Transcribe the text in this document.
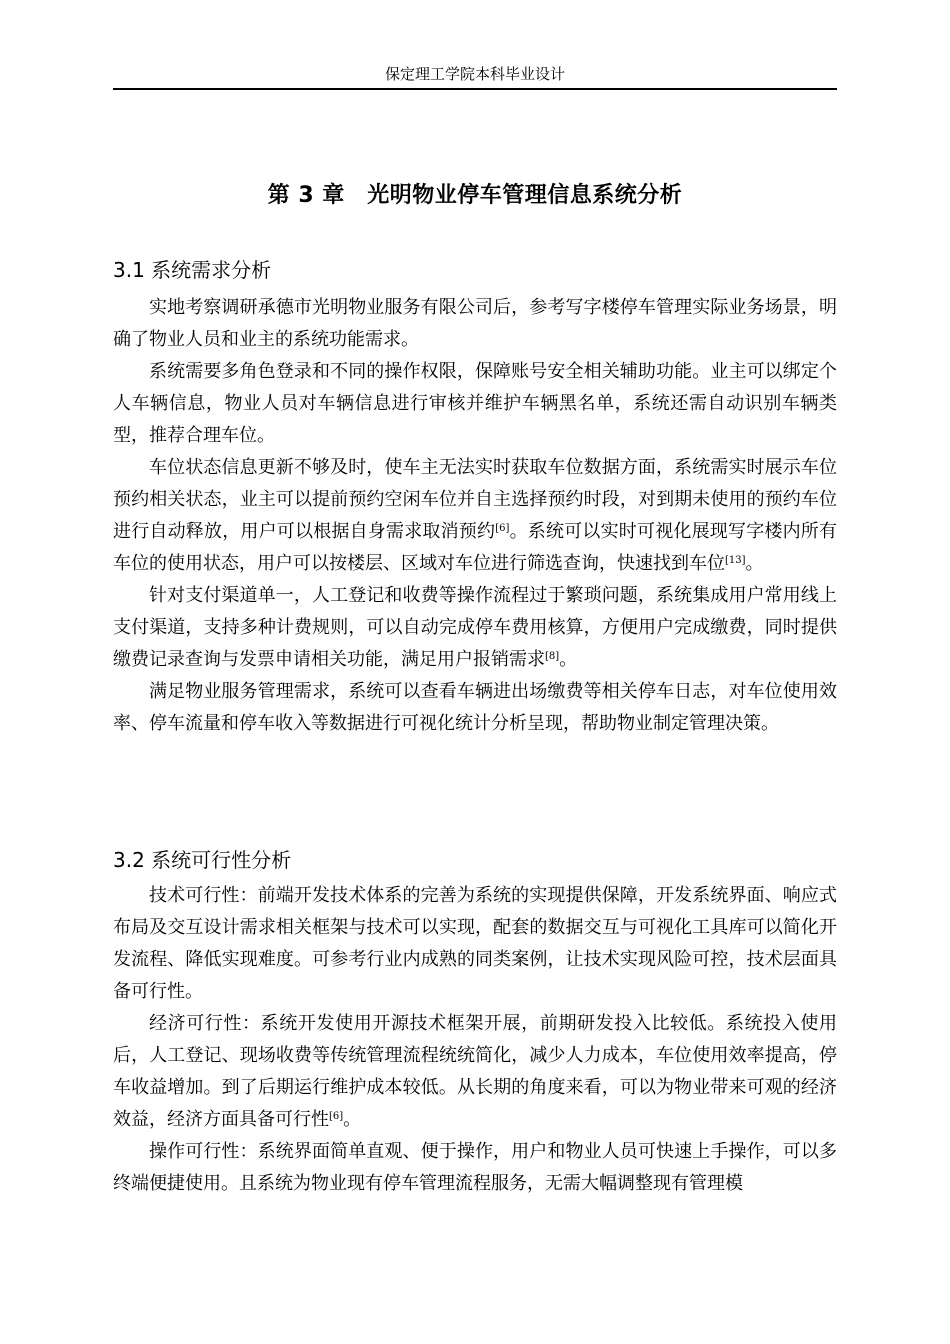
保定理工学院本科毕业设计
第 3 章　光明物业停车管理信息系统分析
3.1 系统需求分析

实地考察调研承德市光明物业服务有限公司后，参考写字楼停车管理实际业务场景，明确了物业人员和业主的系统功能需求。

系统需要多角色登录和不同的操作权限，保障账号安全相关辅助功能。业主可以绑定个人车辆信息，物业人员对车辆信息进行审核并维护车辆黑名单，系统还需自动识别车辆类型，推荐合理车位。

车位状态信息更新不够及时，使车主无法实时获取车位数据方面，系统需实时展示车位预约相关状态，业主可以提前预约空闲车位并自主选择预约时段，对到期未使用的预约车位进行自动释放，用户可以根据自身需求取消预约[6]。系统可以实时可视化展现写字楼内所有车位的使用状态，用户可以按楼层、区域对车位进行筛选查询，快速找到车位[13]。

针对支付渠道单一，人工登记和收费等操作流程过于繁琐问题，系统集成用户常用线上支付渠道，支持多种计费规则，可以自动完成停车费用核算，方便用户完成缴费，同时提供缴费记录查询与发票申请相关功能，满足用户报销需求[8]。

满足物业服务管理需求，系统可以查看车辆进出场缴费等相关停车日志，对车位使用效率、停车流量和停车收入等数据进行可视化统计分析呈现，帮助物业制定管理决策。

3.2 系统可行性分析

技术可行性：前端开发技术体系的完善为系统的实现提供保障，开发系统界面、响应式布局及交互设计需求相关框架与技术可以实现，配套的数据交互与可视化工具库可以简化开发流程、降低实现难度。可参考行业内成熟的同类案例，让技术实现风险可控，技术层面具备可行性。

经济可行性：系统开发使用开源技术框架开展，前期研发投入比较低。系统投入使用后，人工登记、现场收费等传统管理流程统统简化，减少人力成本，车位使用效率提高，停车收益增加。到了后期运行维护成本较低。从长期的角度来看，可以为物业带来可观的经济效益，经济方面具备可行性[6]。

操作可行性：系统界面简单直观、便于操作，用户和物业人员可快速上手操作，可以多终端便捷使用。且系统为物业现有停车管理流程服务，无需大幅调整现有管理模
